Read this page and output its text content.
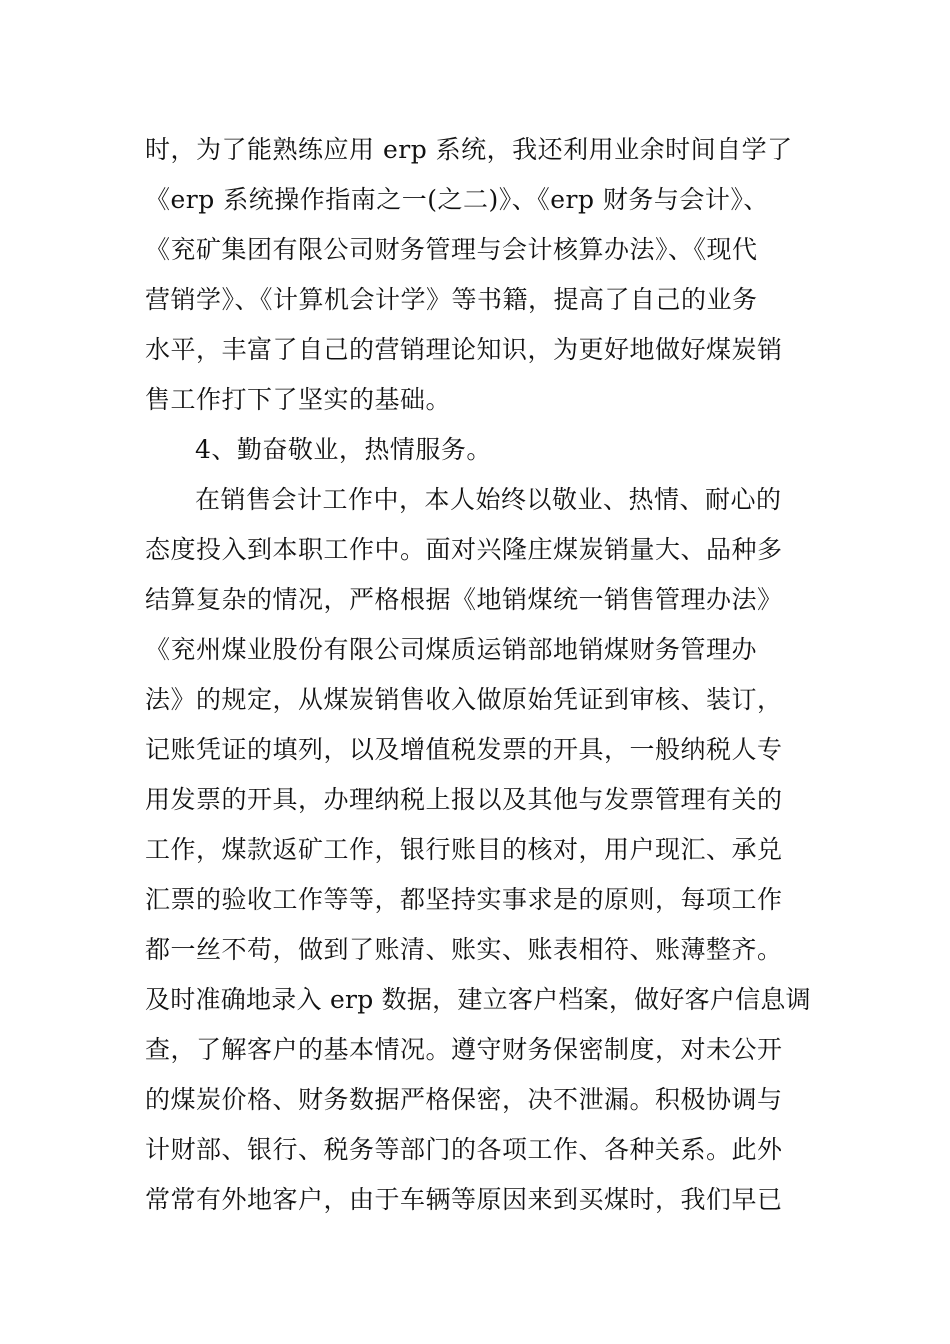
时，为了能熟练应用 erp 系统，我还利用业余时间自学了
《erp 系统操作指南之一(之二)》、《erp 财务与会计》、
《兖矿集团有限公司财务管理与会计核算办法》、《现代
营销学》、《计算机会计学》等书籍，提高了自己的业务
水平，丰富了自己的营销理论知识，为更好地做好煤炭销
售工作打下了坚实的基础。
4、勤奋敬业，热情服务。
在销售会计工作中，本人始终以敬业、热情、耐心的
态度投入到本职工作中。面对兴隆庄煤炭销量大、品种多
结算复杂的情况，严格根据《地销煤统一销售管理办法》
《兖州煤业股份有限公司煤质运销部地销煤财务管理办
法》的规定，从煤炭销售收入做原始凭证到审核、装订，
记账凭证的填列，以及增值税发票的开具，一般纳税人专
用发票的开具，办理纳税上报以及其他与发票管理有关的
工作，煤款返矿工作，银行账目的核对，用户现汇、承兑
汇票的验收工作等等，都坚持实事求是的原则，每项工作
都一丝不苟，做到了账清、账实、账表相符、账薄整齐。
及时准确地录入 erp 数据，建立客户档案，做好客户信息调
查，了解客户的基本情况。遵守财务保密制度，对未公开
的煤炭价格、财务数据严格保密，决不泄漏。积极协调与
计财部、银行、税务等部门的各项工作、各种关系。此外
常常有外地客户，由于车辆等原因来到买煤时，我们早已
